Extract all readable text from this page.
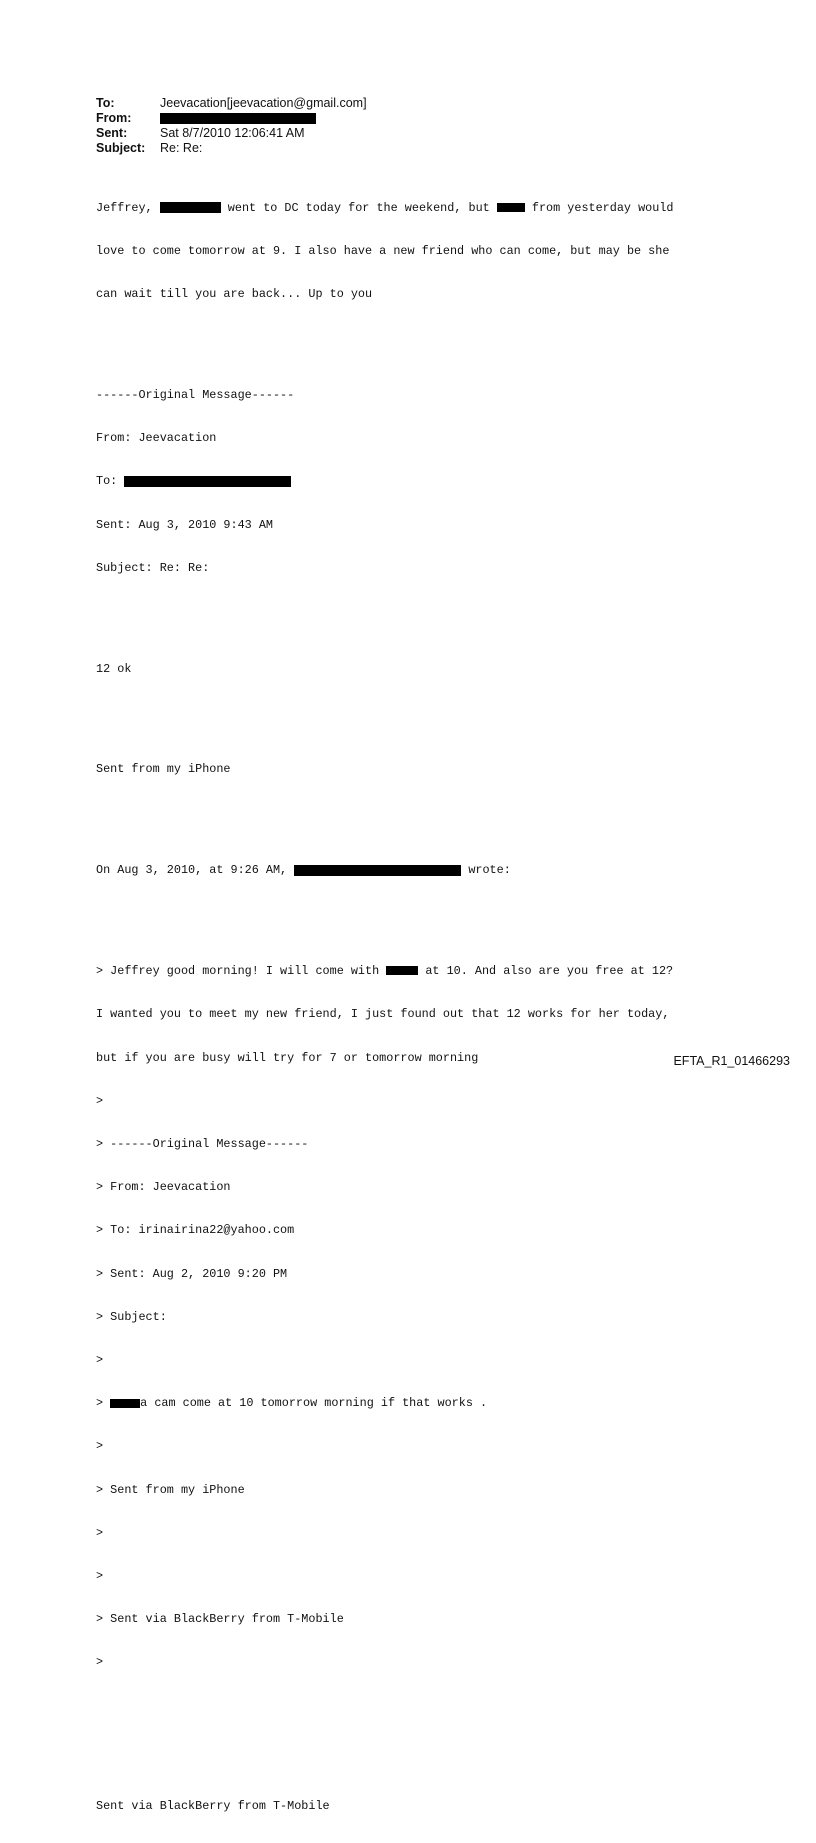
To:	Jeevacation[jeevacation@gmail.com]
From:
Sent:	Sat 8/7/2010 12:06:41 AM
Subject:	Re: Re:

Jeffrey,	went to DC today for the weekend, but  from yesterday would

love to come tomorrow at 9. I also have a new friend who can come, but may be she

can wait till you are back... Up to you

------Original Message------

From: Jeevacation

To:

Sent: Aug 3, 2010 9:43 AM

Subject: Re: Re:

12 ok

Sent from my iPhone

On Aug 3, 2010, at 9:26 AM,	wrote:

> Jeffrey good morning! I will come with	at 10. And also are you free at 12?

I wanted you to meet my new friend, I just found out that 12 works for her today,

but if you are busy will try for 7 or tomorrow morning

>

> ------Original Message------

> From: Jeevacation

> To: irinairina22@yahoo.com

> Sent: Aug 2, 2010 9:20 PM

> Subject:

>

>	a cam come at 10 tomorrow morning if that works .

>

> Sent from my iPhone

>

>

> Sent via BlackBerry from T-Mobile

>

Sent via BlackBerry from T-Mobile

EFTA_R1_01466293
